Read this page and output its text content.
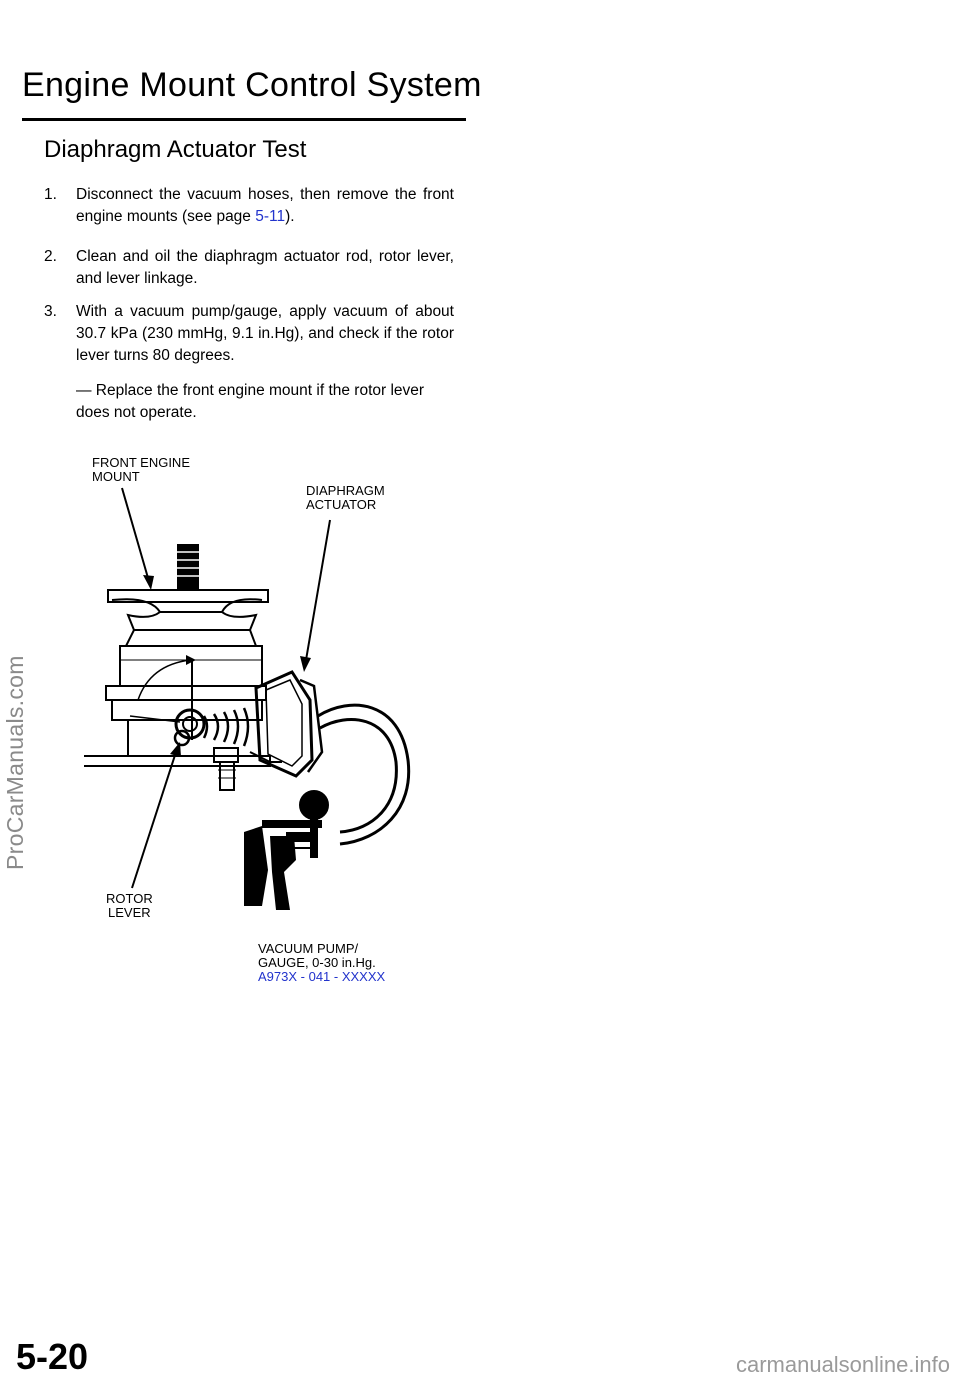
Engine Mount Control System
Diaphragm Actuator Test
1. Disconnect the vacuum hoses, then remove the front engine mounts (see page 5-11).
2. Clean and oil the diaphragm actuator rod, rotor lever, and lever linkage.
3. With a vacuum pump/gauge, apply vacuum of about 30.7 kPa (230 mmHg, 9.1 in.Hg), and check if the rotor lever turns 80 degrees.
— Replace the front engine mount if the rotor lever does not operate.
FRONT ENGINE
MOUNT
DIAPHRAGM
ACTUATOR
ROTOR
LEVER
VACUUM PUMP/
GAUGE, 0-30 in.Hg.
A973X - 041 - XXXXX
ProCarManuals.com
5-20	carmanualsonline.info
